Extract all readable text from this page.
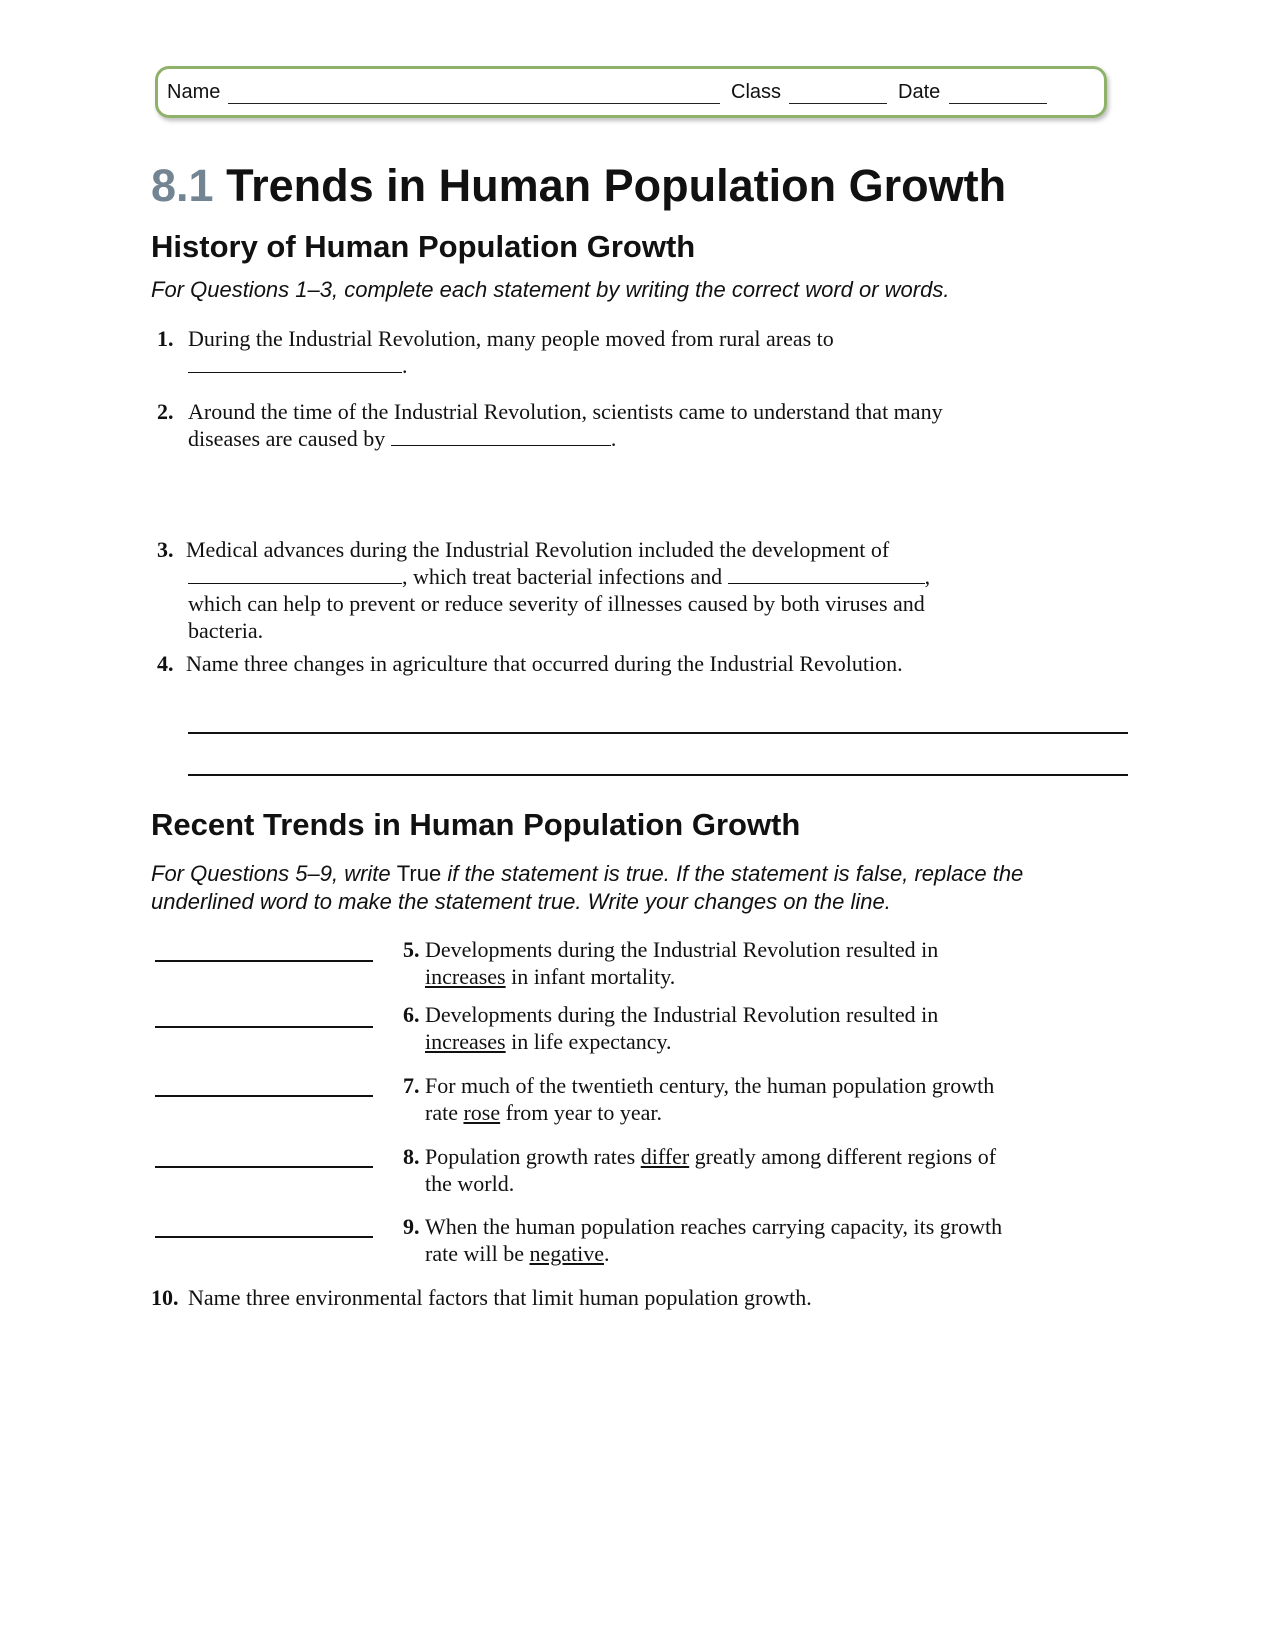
Name	Class	Date
8.1 Trends in Human Population Growth
History of Human Population Growth
For Questions 1–3, complete each statement by writing the correct word or words.
1. During the Industrial Revolution, many people moved from rural areas to
.
2. Around the time of the Industrial Revolution, scientists came to understand that many
diseases are caused by	.
3. Medical advances during the Industrial Revolution included the development of
, which treat bacterial infections and	,
which can help to prevent or reduce severity of illnesses caused by both viruses and
bacteria.
4. Name three changes in agriculture that occurred during the Industrial Revolution.
Recent Trends in Human Population Growth
For Questions 5–9, write True if the statement is true. If the statement is false, replace the
underlined word to make the statement true. Write your changes on the line.
5. Developments during the Industrial Revolution resulted in
increases in infant mortality.
6. Developments during the Industrial Revolution resulted in
increases in life expectancy.
7. For much of the twentieth century, the human population growth
rate rose from year to year.
8. Population growth rates differ greatly among different regions of
the world.
9. When the human population reaches carrying capacity, its growth
rate will be negative.
10. Name three environmental factors that limit human population growth.
